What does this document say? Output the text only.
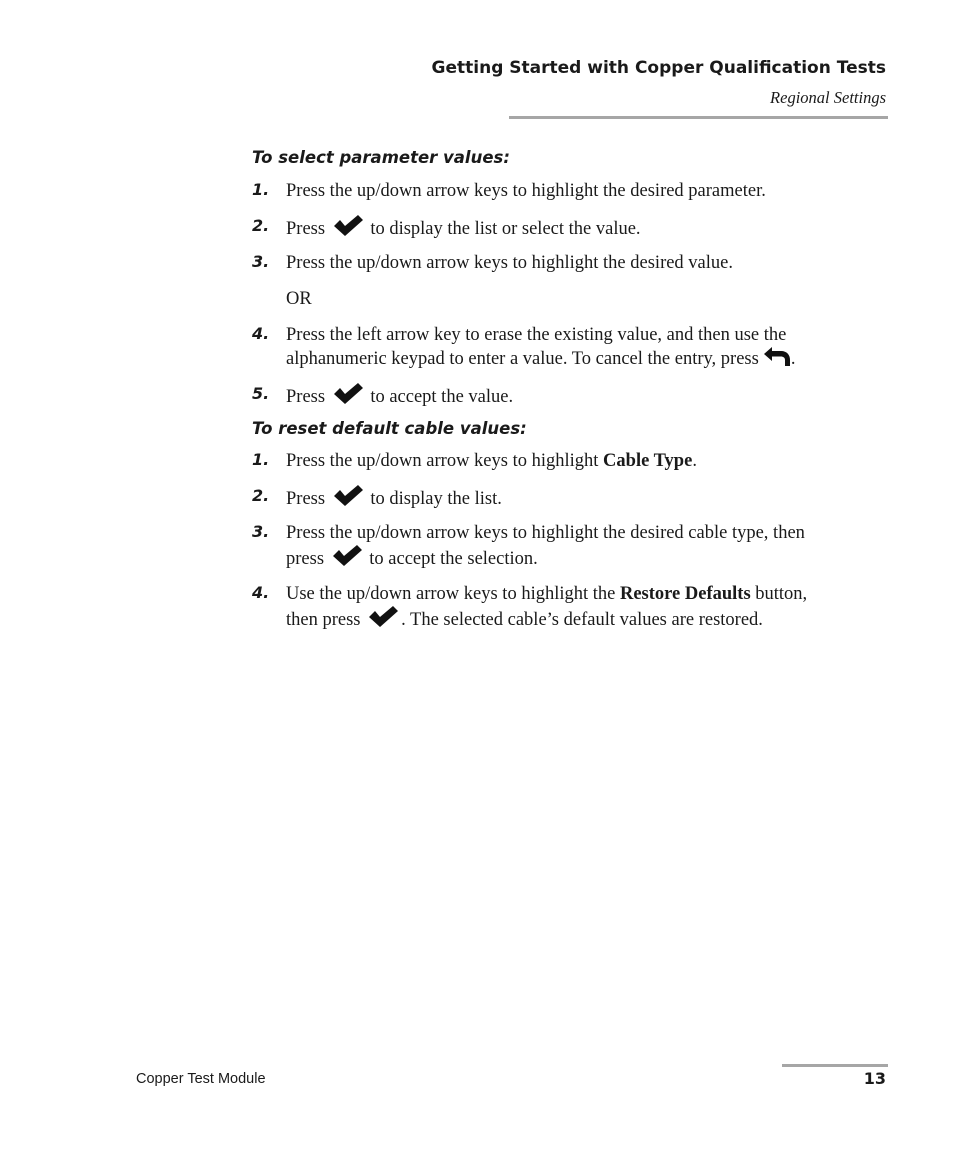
Getting Started with Copper Qualification Tests
Regional Settings
To select parameter values:
1. Press the up/down arrow keys to highlight the desired parameter.
2. Press to display the list or select the value.
3. Press the up/down arrow keys to highlight the desired value.
OR
4. Press the left arrow key to erase the existing value, and then use the
alphanumeric keypad to enter a value. To cancel the entry, press .
5. Press to accept the value.
To reset default cable values:
1. Press the up/down arrow keys to highlight Cable Type.
2. Press to display the list.
3. Press the up/down arrow keys to highlight the desired cable type, then
press to accept the selection.
4. Use the up/down arrow keys to highlight the Restore Defaults button,
then press . The selected cable’s default values are restored.
Copper Test Module	13
